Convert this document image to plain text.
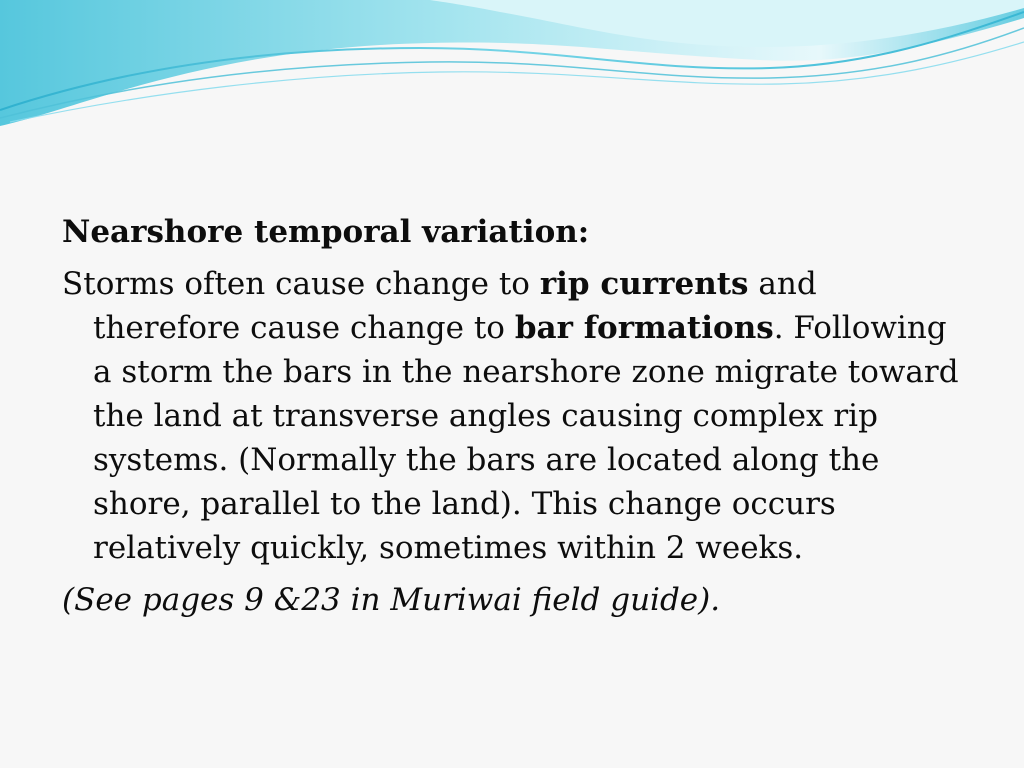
Nearshore temporal variation:

Storms often cause change to rip currents and therefore cause change to bar formations. Following a storm the bars in the nearshore zone migrate toward the land at transverse angles causing complex rip systems. (Normally the bars are located along the shore, parallel to the land). This change occurs relatively quickly, sometimes within 2 weeks.

(See pages 9 &23 in Muriwai field guide).
